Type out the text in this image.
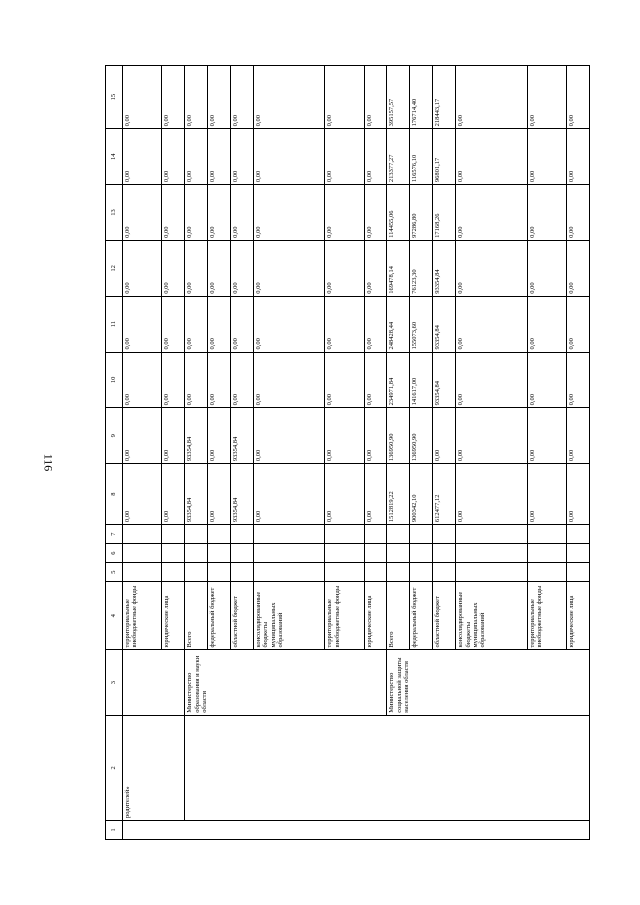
116
1	2	3	4	5	6	7	8	9	10	11	12	13	14	15
	родителей»		территориальные внебюджетные фонды				0,00	0,00	0,00	0,00	0,00	0,00	0,00	0,00
			юридические лица				0,00	0,00	0,00	0,00	0,00	0,00	0,00	0,00
		Министерство образования и науки области	Всего				93354,84	93354,84	0,00	0,00	0,00	0,00	0,00	0,00
			федеральный бюджет				0,00	0,00	0,00	0,00	0,00	0,00	0,00	0,00
			областной бюджет				93354,84	93354,84	0,00	0,00	0,00	0,00	0,00	0,00
			консолидированные бюджеты муниципальных образований				0,00	0,00	0,00	0,00	0,00	0,00	0,00	0,00
			территориальные внебюджетные фонды				0,00	0,00	0,00	0,00	0,00	0,00	0,00	0,00
			юридические лица				0,00	0,00	0,00	0,00	0,00	0,00	0,00	0,00
		Министерство социальной защиты населения области	Всего				1512819,22	136950,90	234971,84	248428,44	169478,14	114455,06	213377,27	395157,57
			федеральный бюджет				900342,10	136950,90	141617,00	155073,60	76123,30	97286,80	116576,10	176714,40
			областной бюджет				612477,12	0,00	93354,84	93354,84	93354,84	17168,26	96801,17	218443,17
			консолидированные бюджеты муниципальных образований				0,00	0,00	0,00	0,00	0,00	0,00	0,00	0,00
			территориальные внебюджетные фонды				0,00	0,00	0,00	0,00	0,00	0,00	0,00	0,00
			юридические лица				0,00	0,00	0,00	0,00	0,00	0,00	0,00	0,00
